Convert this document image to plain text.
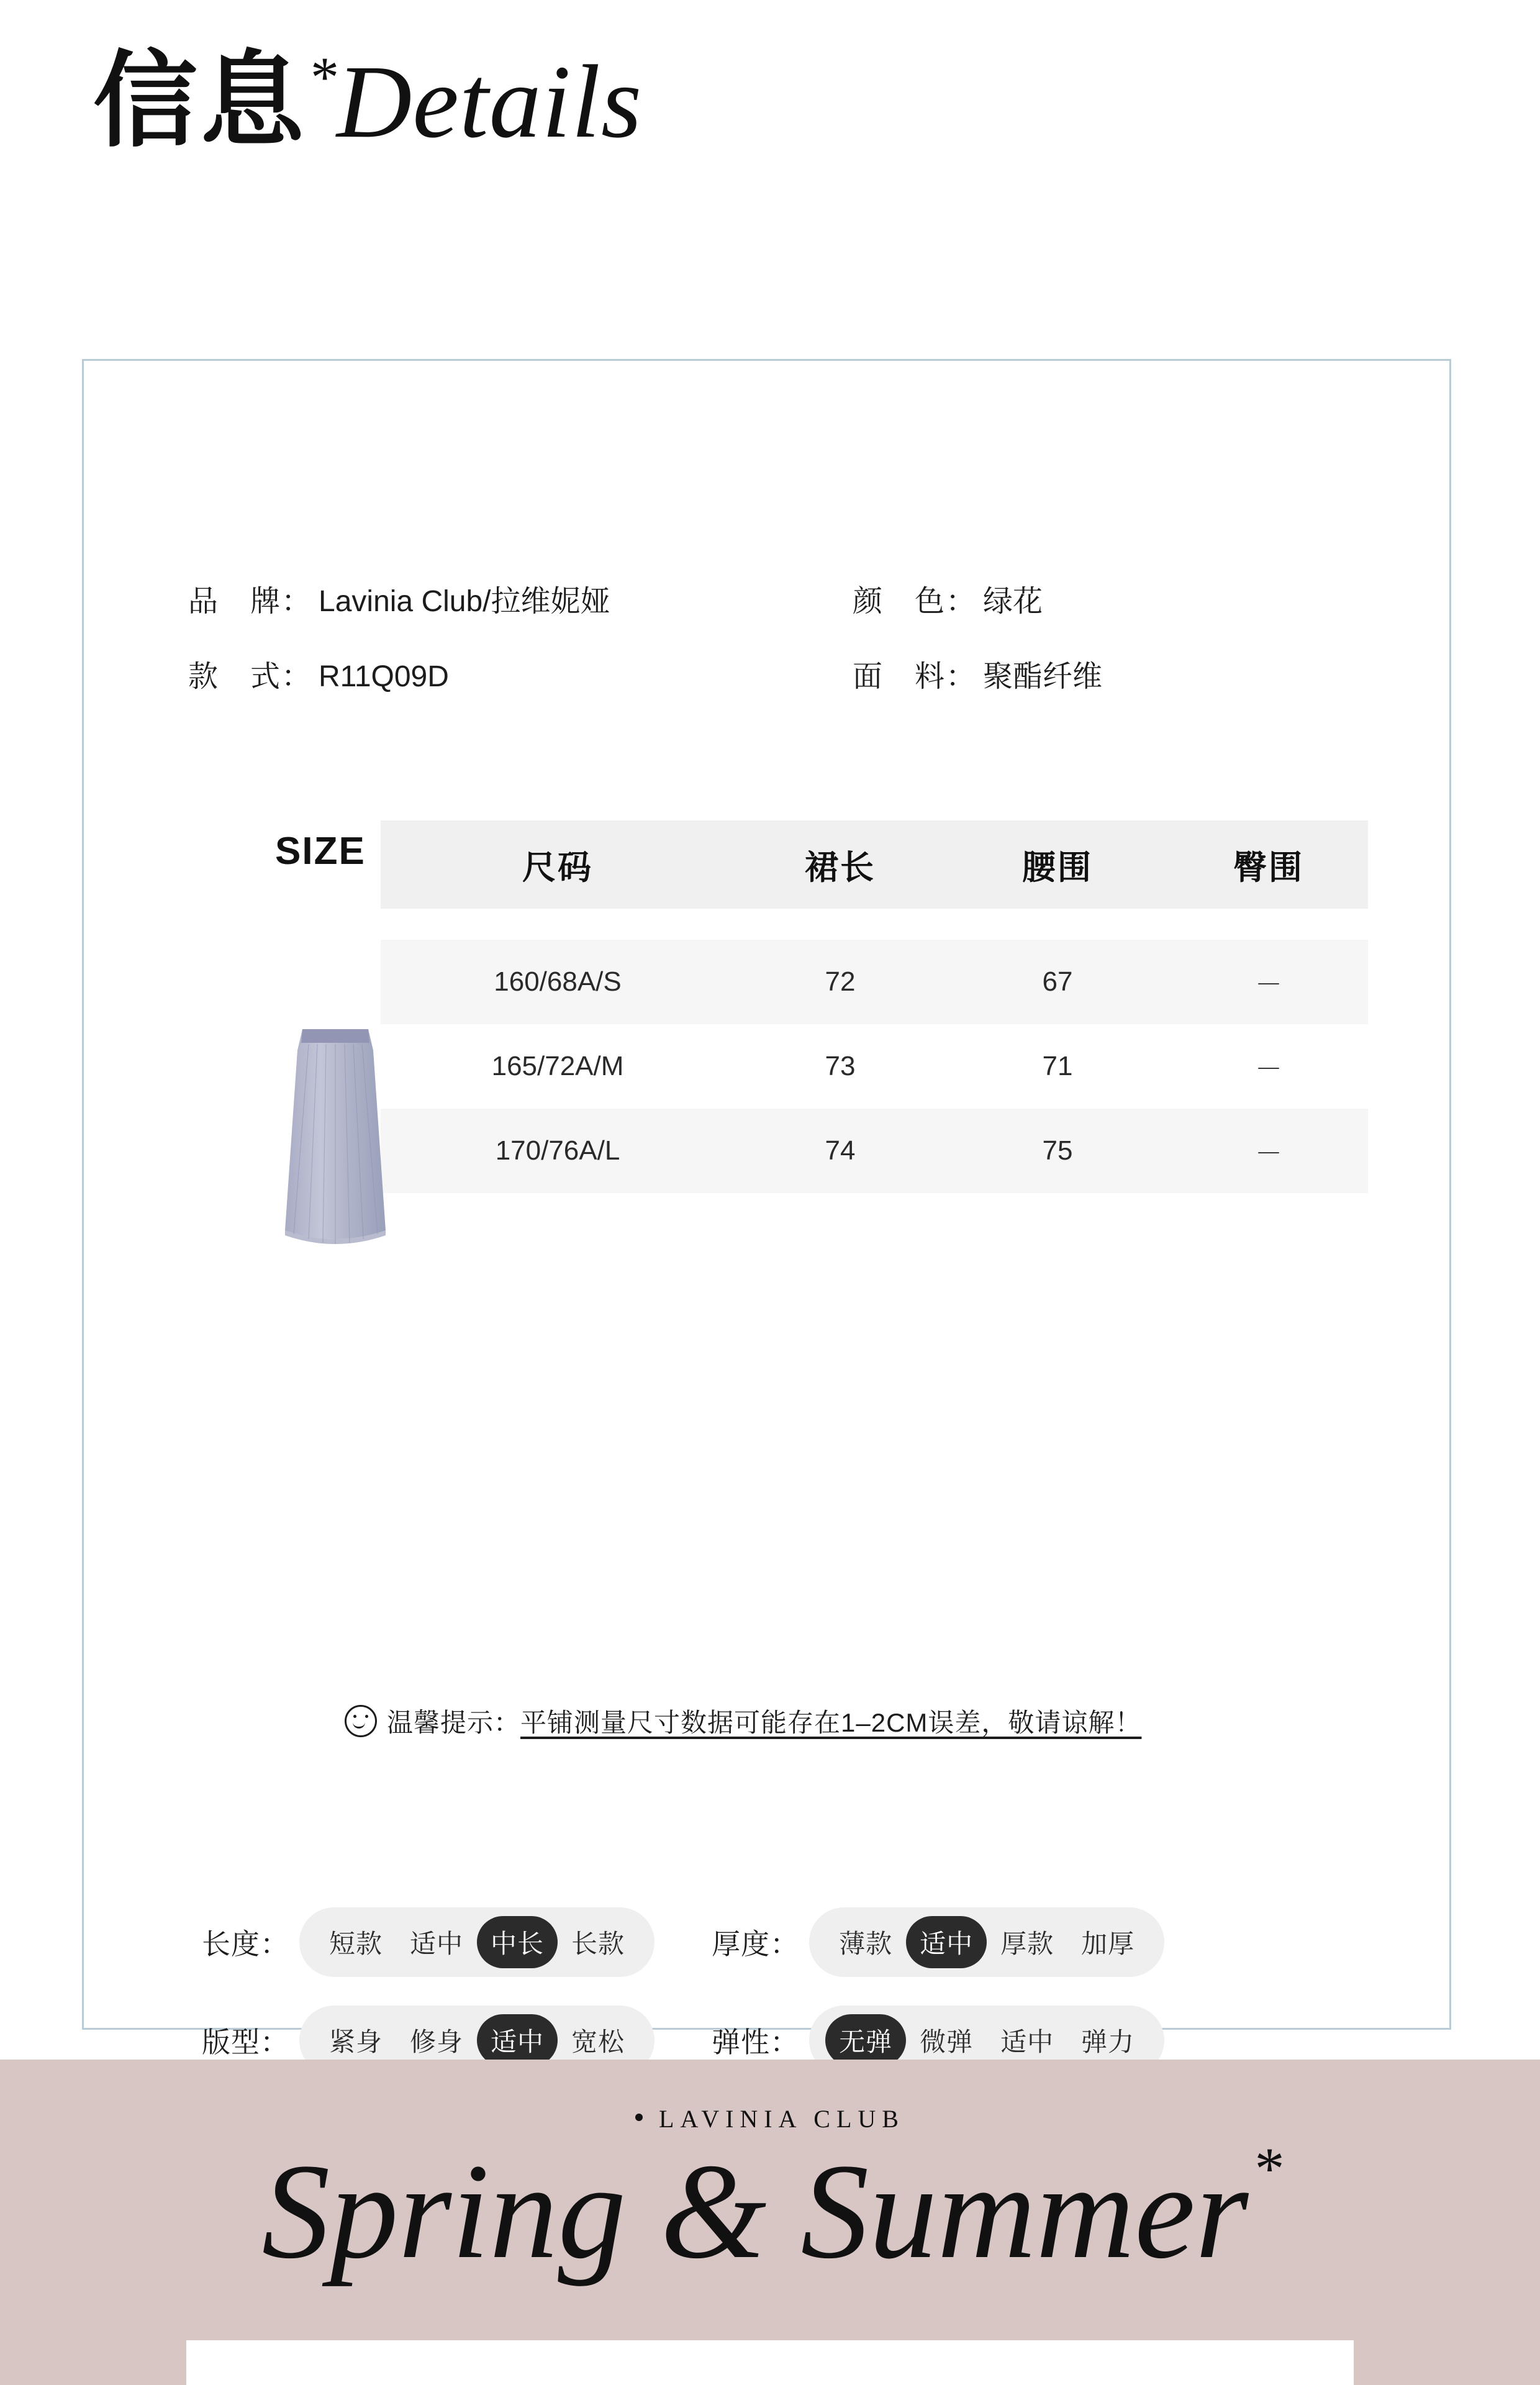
信息 *
Details
品　牌： Lavinia Club/拉维妮娅	颜　色： 绿花
款　式： R11Q09D	面　料： 聚酯纤维
SIZE	尺码	裙长	腰围	臀围

160/68A/S	72	67	－
165/72A/M	73	71	－
170/76A/L	74	75	－
温馨提示： 平铺测量尺寸数据可能存在1–2CM误差，敬请谅解！
长度：	短款	适中	中长	长款	厚度：	薄款	适中	厚款	加厚
版型：	紧身	修身	适中	宽松	弹性：	无弹	微弹	适中	弹力
LAVINIA CLUB
Spring & Summer *
